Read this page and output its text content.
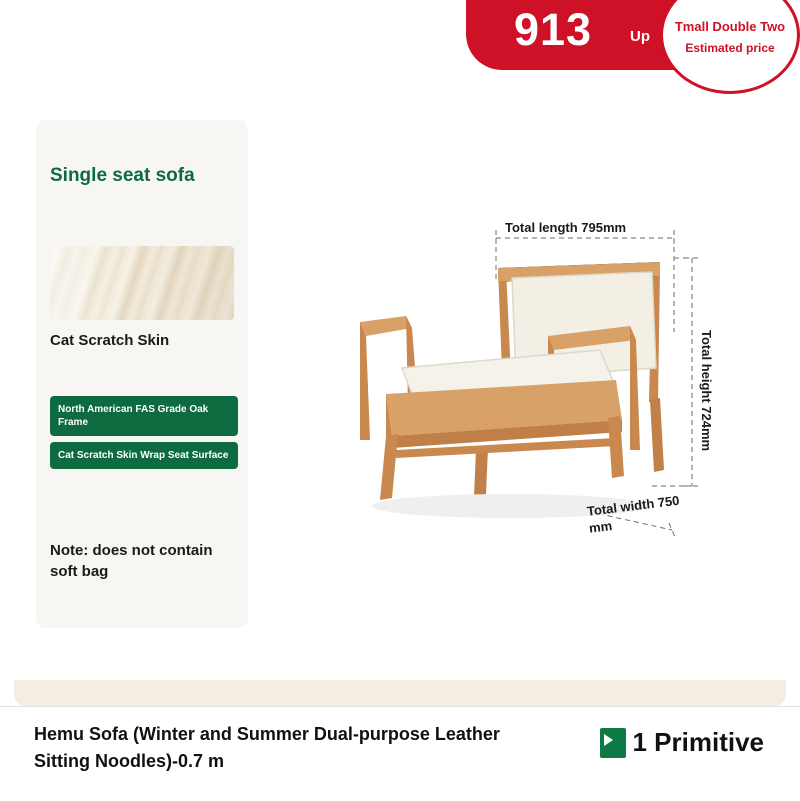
913	Up
Tmall Double Two
Estimated price
Single seat sofa
Cat Scratch Skin
North American FAS Grade Oak Frame
Cat Scratch Skin Wrap Seat Surface
Note: does not contain soft bag
Total length 795mm
Total height 724mm
Total width 750 mm
Hemu Sofa (Winter and Summer Dual-purpose Leather Sitting Noodles)-0.7 m
1 Primitive
